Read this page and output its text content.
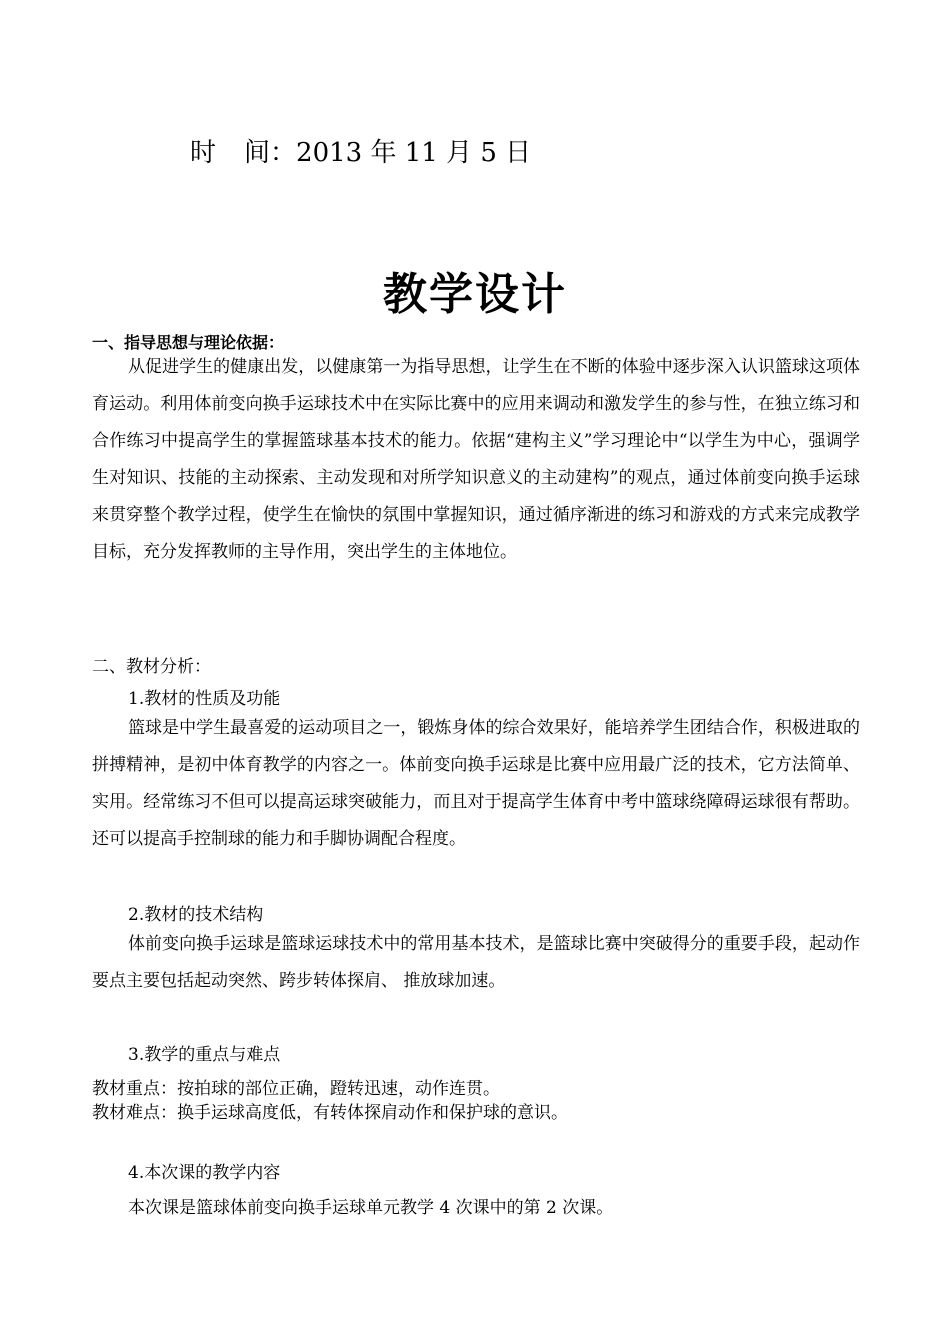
时 间：2013 年 11 月 5 日
教学设计
一、指导思想与理论依据：
从促进学生的健康出发，以健康第一为指导思想，让学生在不断的体验中逐步深入认识篮球这项体育运动。利用体前变向换手运球技术中在实际比赛中的应用来调动和激发学生的参与性，在独立练习和合作练习中提高学生的掌握篮球基本技术的能力。依据“建构主义”学习理论中“以学生为中心，强调学生对知识、技能的主动探索、主动发现和对所学知识意义的主动建构”的观点，通过体前变向换手运球来贯穿整个教学过程，使学生在愉快的氛围中掌握知识，通过循序渐进的练习和游戏的方式来完成教学目标，充分发挥教师的主导作用，突出学生的主体地位。
二、教材分析：
1.教材的性质及功能
篮球是中学生最喜爱的运动项目之一，锻炼身体的综合效果好，能培养学生团结合作，积极进取的拼搏精神，是初中体育教学的内容之一。体前变向换手运球是比赛中应用最广泛的技术，它方法简单、实用。经常练习不但可以提高运球突破能力，而且对于提高学生体育中考中篮球绕障碍运球很有帮助。还可以提高手控制球的能力和手脚协调配合程度。
2.教材的技术结构
体前变向换手运球是篮球运球技术中的常用基本技术，是篮球比赛中突破得分的重要手段，起动作要点主要包括起动突然、跨步转体探肩、 推放球加速。
3.教学的重点与难点
教材重点：按拍球的部位正确，蹬转迅速，动作连贯。
教材难点：换手运球高度低，有转体探肩动作和保护球的意识。
4.本次课的教学内容
本次课是篮球体前变向换手运球单元教学 4 次课中的第 2 次课。
